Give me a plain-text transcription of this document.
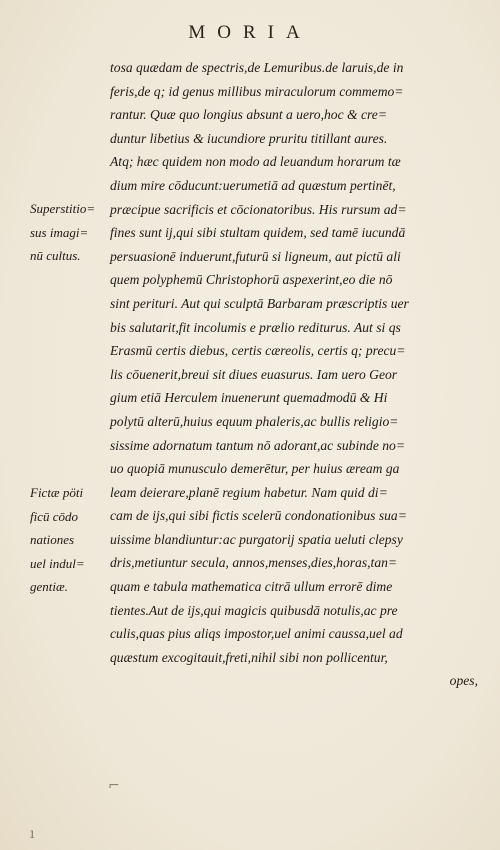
MORIA
tosa quædam de spectris,de Lemuribus.de laruis,de in
feris,de q; id genus millibus miraculorum commemo=
rantur. Quæ quo longius absunt a uero,hoc & cre=
duntur libetius & iucundiore pruritu titillant aures.
Atq; hæc quidem non modo ad leuandum horarum tæ
dium mire cōducunt:uerumetiā ad quæstum pertinēt,
præcipue sacrificis et cōcionatoribus. His rursum ad=
fines sunt ij,qui sibi stultam quidem, sed tamē iucundā
persuasionē induerunt,futurū si ligneum, aut pictū ali
quem polyphemū Christophorū aspexerint,eo die nō
sint perituri. Aut qui sculptā Barbaram præscriptis uer
bis salutarit,fit incolumis e prælio rediturus. Aut si qs
Erasmū certis diebus, certis cæreolis, certis q; precu=
lis cōuenerit,breui sit diues euasurus. Iam uero Geor
gium etiā Herculem inuenerunt quemadmodū & Hi
polytū alterū,huius equum phaleris,ac bullis religio=
sissime adornatum tantum nō adorant,ac subinde no=
uo quopiā munusculo demerētur, per huius æream ga
leam deierare,planē regium habetur. Nam quid di=
cam de ijs,qui sibi fictis scelerū condonationibus sua=
uissime blandiuntur:ac purgatorij spatia ueluti clepsy
dris,metiuntur secula, annos,menses,dies,horas,tan=
quam e tabula mathematica citrā ullum errorē dime
tientes.Aut de ijs,qui magicis quibusdā notulis,ac pre
culis,quas pius aliqs impostor,uel animi caussa,uel ad
quæstum excogitauit,freti,nihil sibi non pollicentur,
opes,
Superstitio=
sus imagi=
nū cultus.
Fictæ pöti
ficū cōdo
nationes
uel indul=
gentiæ.
⌐
ı
